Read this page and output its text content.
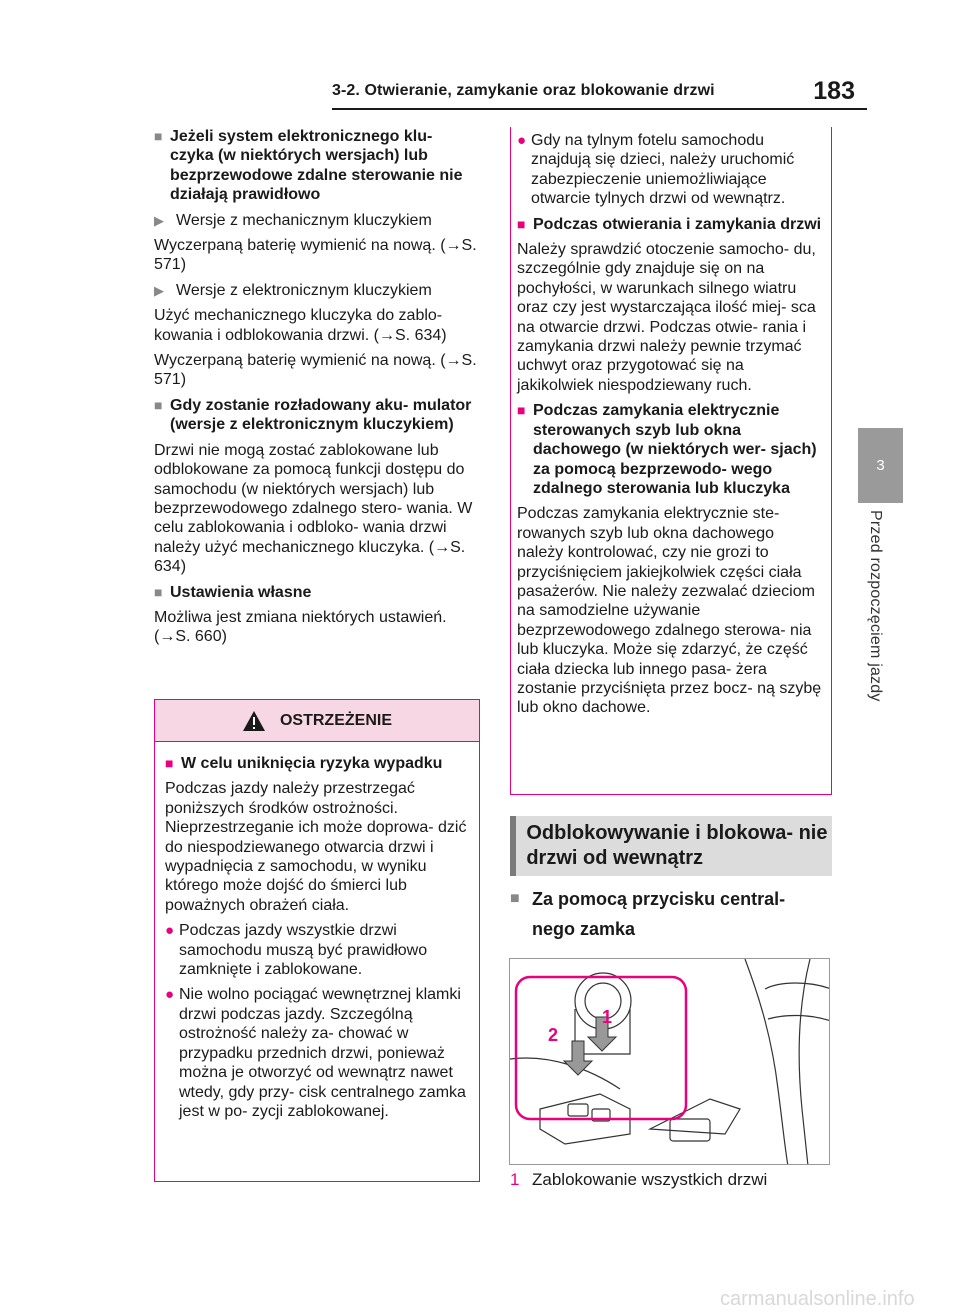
3-2. Otwieranie, zamykanie oraz blokowanie drzwi	183
3
Przed rozpoczęciem jazdy
■ Jeżeli system elektronicznego klu- czyka (w niektórych wersjach) lub bezprzewodowe zdalne sterowanie nie działają prawidłowo
▶ Wersje z mechanicznym kluczykiem
Wyczerpaną baterię wymienić na nową. (→S. 571)
▶ Wersje z elektronicznym kluczykiem
Użyć mechanicznego kluczyka do zablo- kowania i odblokowania drzwi. (→S. 634)
Wyczerpaną baterię wymienić na nową. (→S. 571)
■ Gdy zostanie rozładowany aku- mulator (wersje z elektronicznym kluczykiem)
Drzwi nie mogą zostać zablokowane lub odblokowane za pomocą funkcji dostępu do samochodu (w niektórych wersjach) lub bezprzewodowego zdalnego stero- wania. W celu zablokowania i odbloko- wania drzwi należy użyć mechanicznego kluczyka. (→S. 634)
■ Ustawienia własne
Możliwa jest zmiana niektórych ustawień. (→S. 660)
OSTRZEŻENIE
■ W celu uniknięcia ryzyka wypadku
Podczas jazdy należy przestrzegać poniższych środków ostrożności. Nieprzestrzeganie ich może doprowa- dzić do niespodziewanego otwarcia drzwi i wypadnięcia z samochodu, w wyniku którego może dojść do śmierci lub poważnych obrażeń ciała.
● Podczas jazdy wszystkie drzwi samochodu muszą być prawidłowo zamknięte i zablokowane.
● Nie wolno pociągać wewnętrznej klamki drzwi podczas jazdy. Szczególną ostrożność należy za- chować w przypadku przednich drzwi, ponieważ można je otworzyć od wewnątrz nawet wtedy, gdy przy- cisk centralnego zamka jest w po- zycji zablokowanej.
● Gdy na tylnym fotelu samochodu znajdują się dzieci, należy uruchomić zabezpieczenie uniemożliwiające otwarcie tylnych drzwi od wewnątrz.
■ Podczas otwierania i zamykania drzwi
Należy sprawdzić otoczenie samocho- du, szczególnie gdy znajduje się on na pochyłości, w warunkach silnego wiatru oraz czy jest wystarczająca ilość miej- sca na otwarcie drzwi. Podczas otwie- rania i zamykania drzwi należy pewnie trzymać uchwyt oraz przygotować się na jakikolwiek niespodziewany ruch.
■ Podczas zamykania elektrycznie sterowanych szyb lub okna dachowego (w niektórych wer- sjach) za pomocą bezprzewodo- wego zdalnego sterowania lub kluczyka
Podczas zamykania elektrycznie ste- rowanych szyb lub okna dachowego należy kontrolować, czy nie grozi to przyciśnięciem jakiejkolwiek części ciała pasażerów. Nie należy zezwalać dzieciom na samodzielne używanie bezprzewodowego zdalnego sterowa- nia lub kluczyka. Może się zdarzyć, że część ciała dziecka lub innego pasa- żera zostanie przyciśnięta przez bocz- ną szybę lub okno dachowe.
Odblokowywanie i blokowa- nie drzwi od wewnątrz
■ Za pomocą przycisku central- nego zamka
1
2
1 Zablokowanie wszystkich drzwi
carmanualsonline.info
